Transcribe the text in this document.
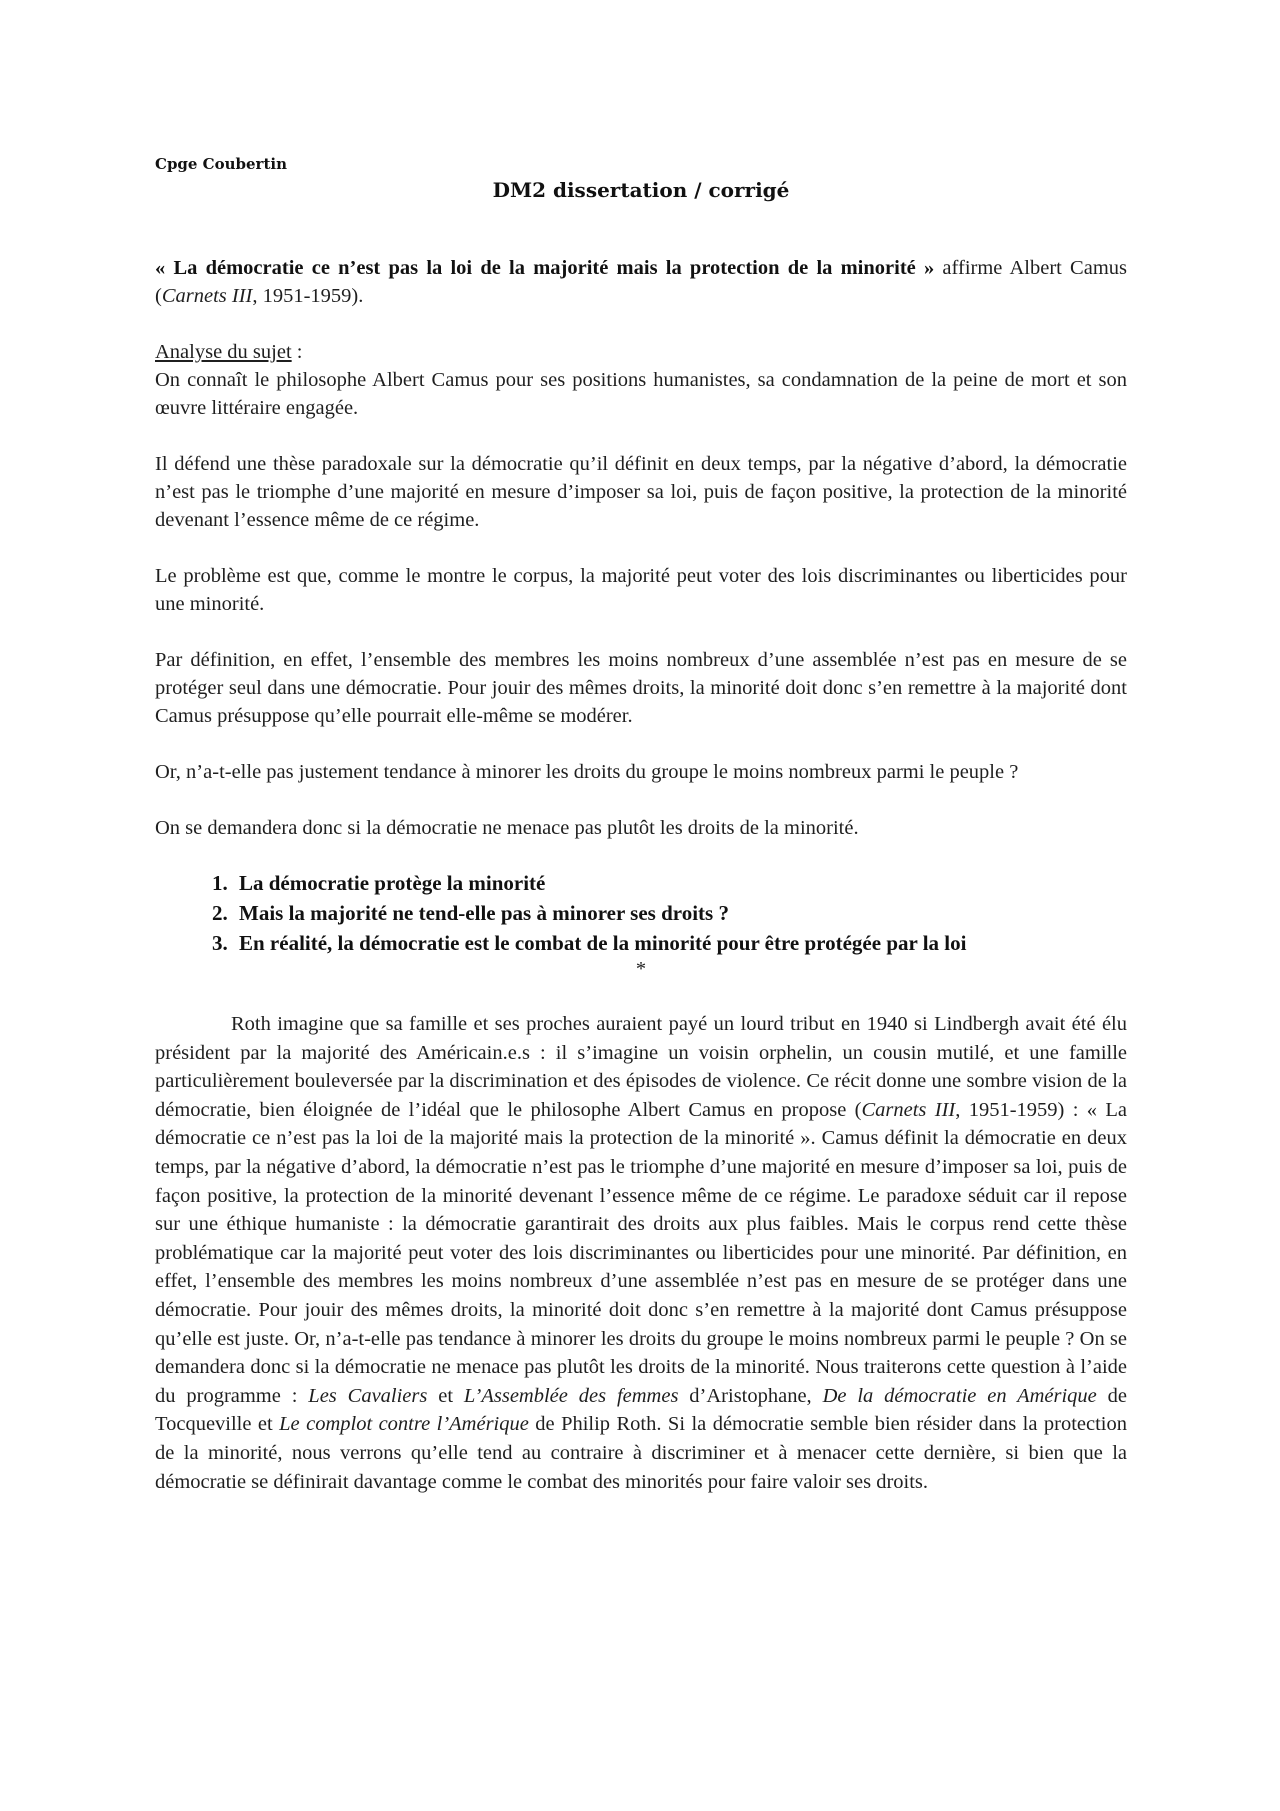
Cpge Coubertin
DM2 dissertation / corrigé

« La démocratie ce n’est pas la loi de la majorité mais la protection de la minorité » affirme Albert Camus (Carnets III, 1951-1959).

Analyse du sujet :

On connaît le philosophe Albert Camus pour ses positions humanistes, sa condamnation de la peine de mort et son œuvre littéraire engagée.

Il défend une thèse paradoxale sur la démocratie qu’il définit en deux temps, par la négative d’abord, la démocratie n’est pas le triomphe d’une majorité en mesure d’imposer sa loi, puis de façon positive, la protection de la minorité devenant l’essence même de ce régime.

Le problème est que, comme le montre le corpus, la majorité peut voter des lois discriminantes ou liberticides pour une minorité.

Par définition, en effet, l’ensemble des membres les moins nombreux d’une assemblée n’est pas en mesure de se protéger seul dans une démocratie. Pour jouir des mêmes droits, la minorité doit donc s’en remettre à la majorité dont Camus présuppose qu’elle pourrait elle-même se modérer.

Or, n’a-t-elle pas justement tendance à minorer les droits du groupe le moins nombreux parmi le peuple ?

On se demandera donc si la démocratie ne menace pas plutôt les droits de la minorité.

1. La démocratie protège la minorité
2. Mais la majorité ne tend-elle pas à minorer ses droits ?
3. En réalité, la démocratie est le combat de la minorité pour être protégée par la loi

*

Roth imagine que sa famille et ses proches auraient payé un lourd tribut en 1940 si Lindbergh avait été élu président par la majorité des Américain.e.s : il s’imagine un voisin orphelin, un cousin mutilé, et une famille particulièrement bouleversée par la discrimination et des épisodes de violence. Ce récit donne une sombre vision de la démocratie, bien éloignée de l’idéal que le philosophe Albert Camus en propose (Carnets III, 1951-1959) : « La démocratie ce n’est pas la loi de la majorité mais la protection de la minorité ». Camus définit la démocratie en deux temps, par la négative d’abord, la démocratie n’est pas le triomphe d’une majorité en mesure d’imposer sa loi, puis de façon positive, la protection de la minorité devenant l’essence même de ce régime. Le paradoxe séduit car il repose sur une éthique humaniste : la démocratie garantirait des droits aux plus faibles. Mais le corpus rend cette thèse problématique car la majorité peut voter des lois discriminantes ou liberticides pour une minorité. Par définition, en effet, l’ensemble des membres les moins nombreux d’une assemblée n’est pas en mesure de se protéger dans une démocratie. Pour jouir des mêmes droits, la minorité doit donc s’en remettre à la majorité dont Camus présuppose qu’elle est juste. Or, n’a-t-elle pas tendance à minorer les droits du groupe le moins nombreux parmi le peuple ? On se demandera donc si la démocratie ne menace pas plutôt les droits de la minorité. Nous traiterons cette question à l’aide du programme : Les Cavaliers et L’Assemblée des femmes d’Aristophane, De la démocratie en Amérique de Tocqueville et Le complot contre l’Amérique de Philip Roth. Si la démocratie semble bien résider dans la protection de la minorité, nous verrons qu’elle tend au contraire à discriminer et à menacer cette dernière, si bien que la démocratie se définirait davantage comme le combat des minorités pour faire valoir ses droits.
